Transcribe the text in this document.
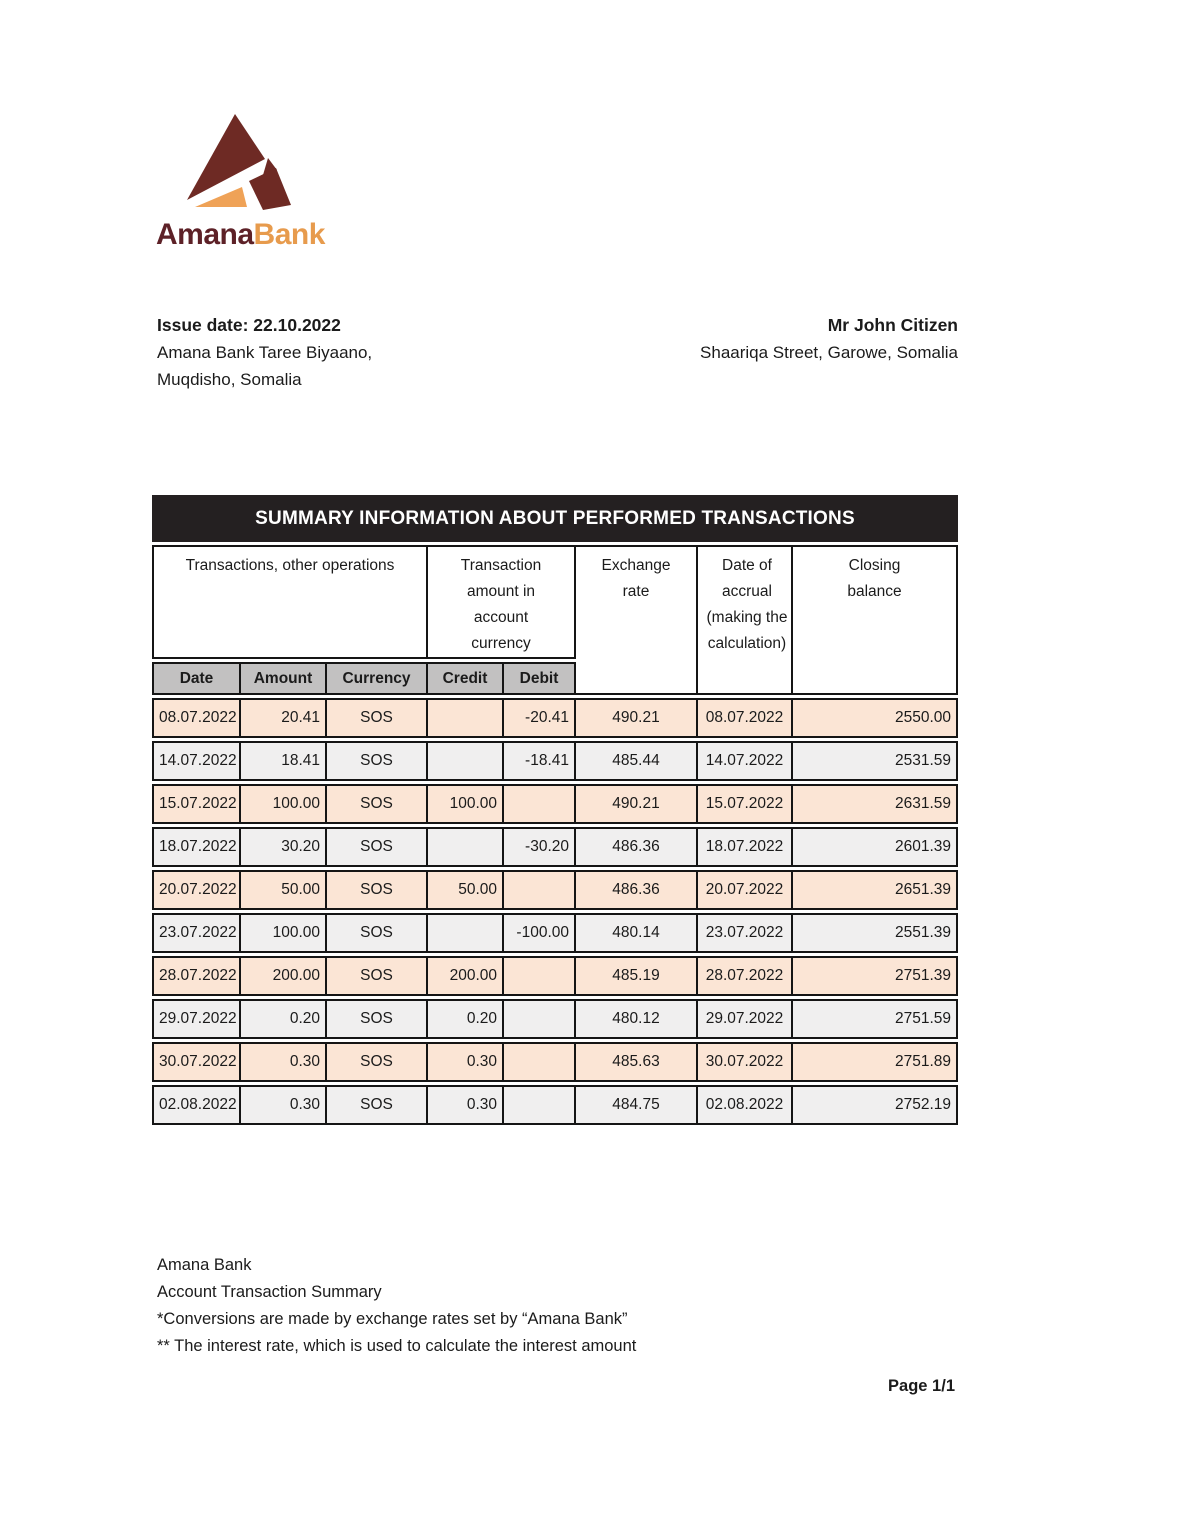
AmanaBank
Issue date: 22.10.2022
Amana Bank Taree Biyaano,
Muqdisho, Somalia
Mr John Citizen
Shaariqa Street, Garowe, Somalia
SUMMARY INFORMATION ABOUT PERFORMED TRANSACTIONS
Transactions, other operations			Transaction amount in account currency		Exchange rate	Date of accrual (making the calculation)	Closing balance

Date	Amount	Currency	Credit	Debit			
08.07.2022	20.41	SOS		-20.41	490.21	08.07.2022	2550.00
14.07.2022	18.41	SOS		-18.41	485.44	14.07.2022	2531.59
15.07.2022	100.00	SOS	100.00		490.21	15.07.2022	2631.59
18.07.2022	30.20	SOS		-30.20	486.36	18.07.2022	2601.39
20.07.2022	50.00	SOS	50.00		486.36	20.07.2022	2651.39
23.07.2022	100.00	SOS		-100.00	480.14	23.07.2022	2551.39
28.07.2022	200.00	SOS	200.00		485.19	28.07.2022	2751.39
29.07.2022	0.20	SOS	0.20		480.12	29.07.2022	2751.59
30.07.2022	0.30	SOS	0.30		485.63	30.07.2022	2751.89
02.08.2022	0.30	SOS	0.30		484.75	02.08.2022	2752.19
Amana Bank
Account Transaction Summary
*Conversions are made by exchange rates set by “Amana Bank”
** The interest rate, which is used to calculate the interest amount
Page 1/1
